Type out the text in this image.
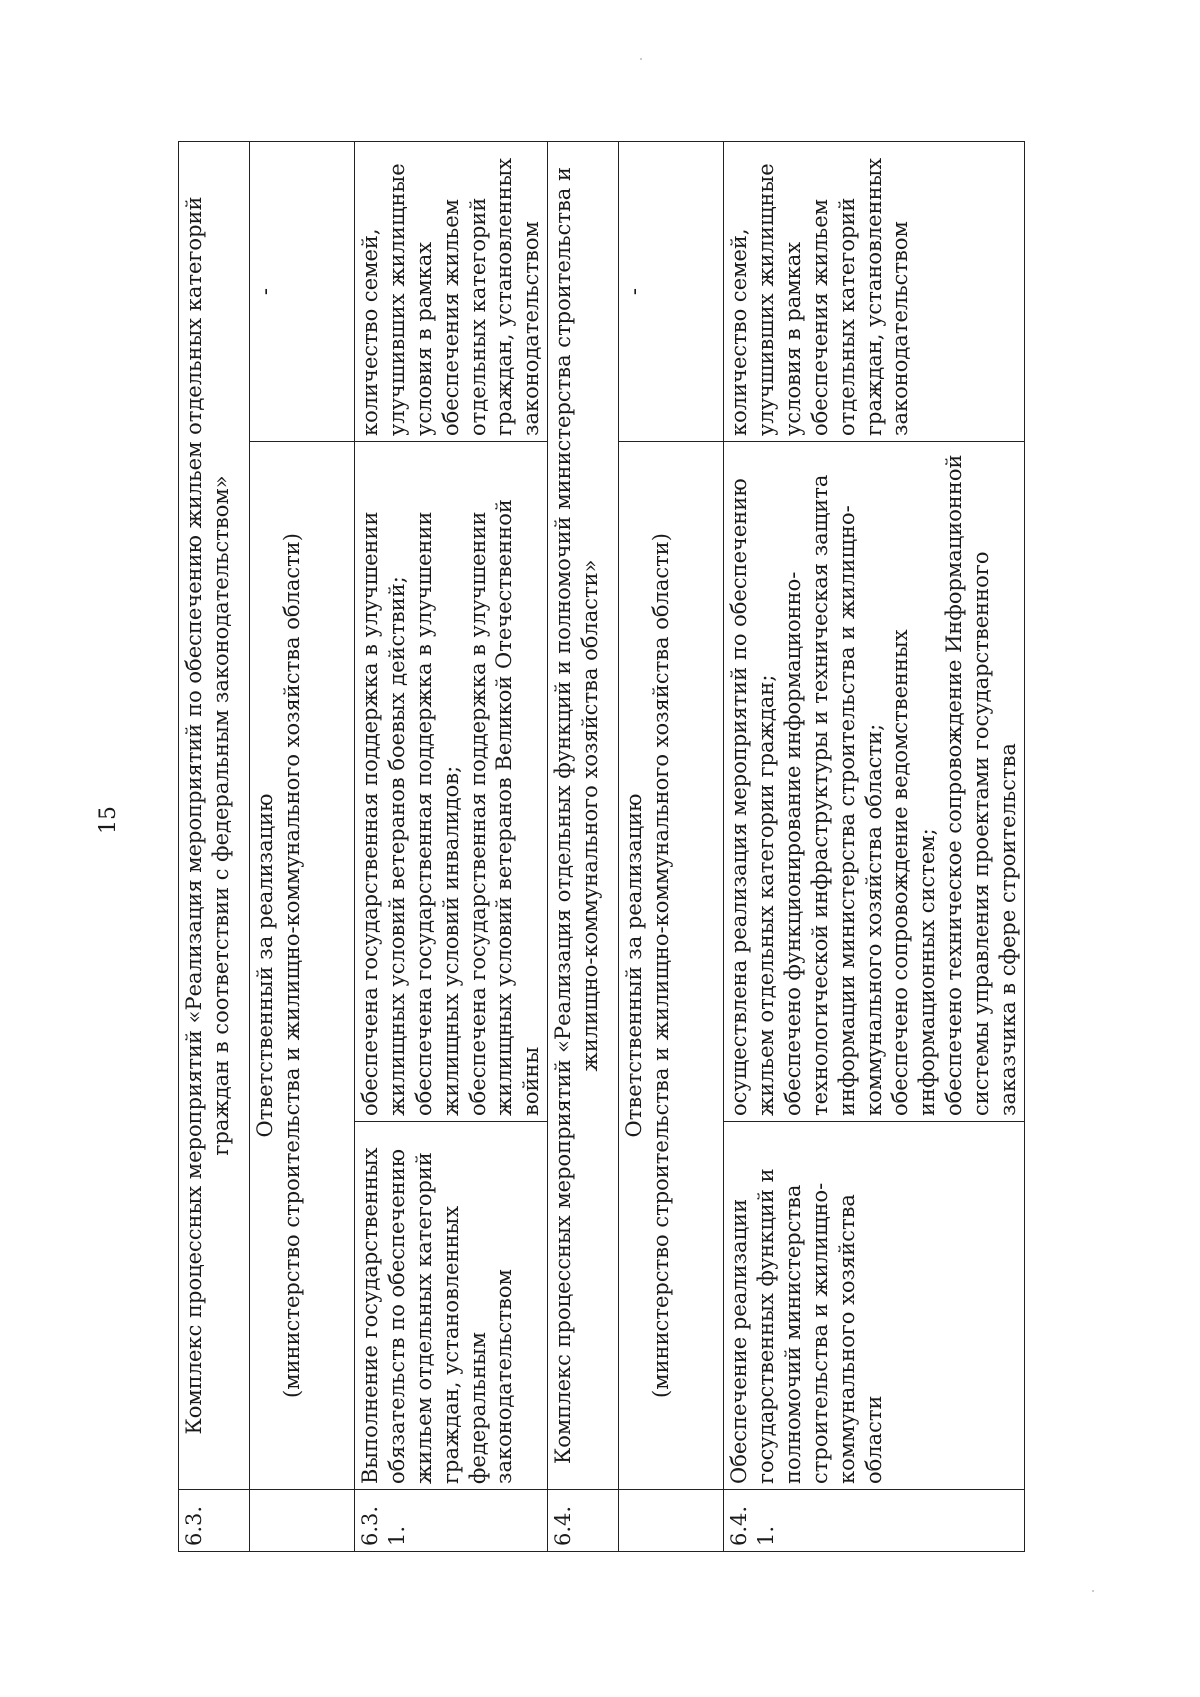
15
6.3.	Комплекс процессных мероприятий «Реализация мероприятий по обеспечению жильем отдельных категорий граждан в соответствии с федеральным законодательством»		
	Ответственный за реализацию
(министерство строительства и жилищно-коммунального хозяйства области)		-
6.3.1.	Выполнение государственных обязательств по обеспечению жильем отдельных категорий граждан, установленных федеральным законодательством	обеспечена государственная поддержка в улучшении жилищных условий ветеранов боевых действий;
обеспечена государственная поддержка в улучшении жилищных условий инвалидов;
обеспечена государственная поддержка в улучшении жилищных условий ветеранов Великой Отечественной войны	количество семей, улучшивших жилищные условия в рамках обеспечения жильем отдельных категорий граждан, установленных законодательством
6.4.	Комплекс процессных мероприятий «Реализация отдельных функций и полномочий министерства строительства и жилищно-коммунального хозяйства области»		
	Ответственный за реализацию
(министерство строительства и жилищно-коммунального хозяйства области)		-
6.4.1.	Обеспечение реализации государственных функций и полномочий министерства строительства и жилищно-коммунального хозяйства области	осуществлена реализация мероприятий по обеспечению жильем отдельных категории граждан;
обеспечено функционирование информационно-технологической инфраструктуры и техническая защита информации министерства строительства и жилищно-коммунального хозяйства области;
обеспечено сопровождение ведомственных информационных систем;
обеспечено техническое сопровождение Информационной системы управления проектами государственного заказчика в сфере строительства	количество семей, улучшивших жилищные условия в рамках обеспечения жильем отдельных категорий граждан, установленных законодательством
